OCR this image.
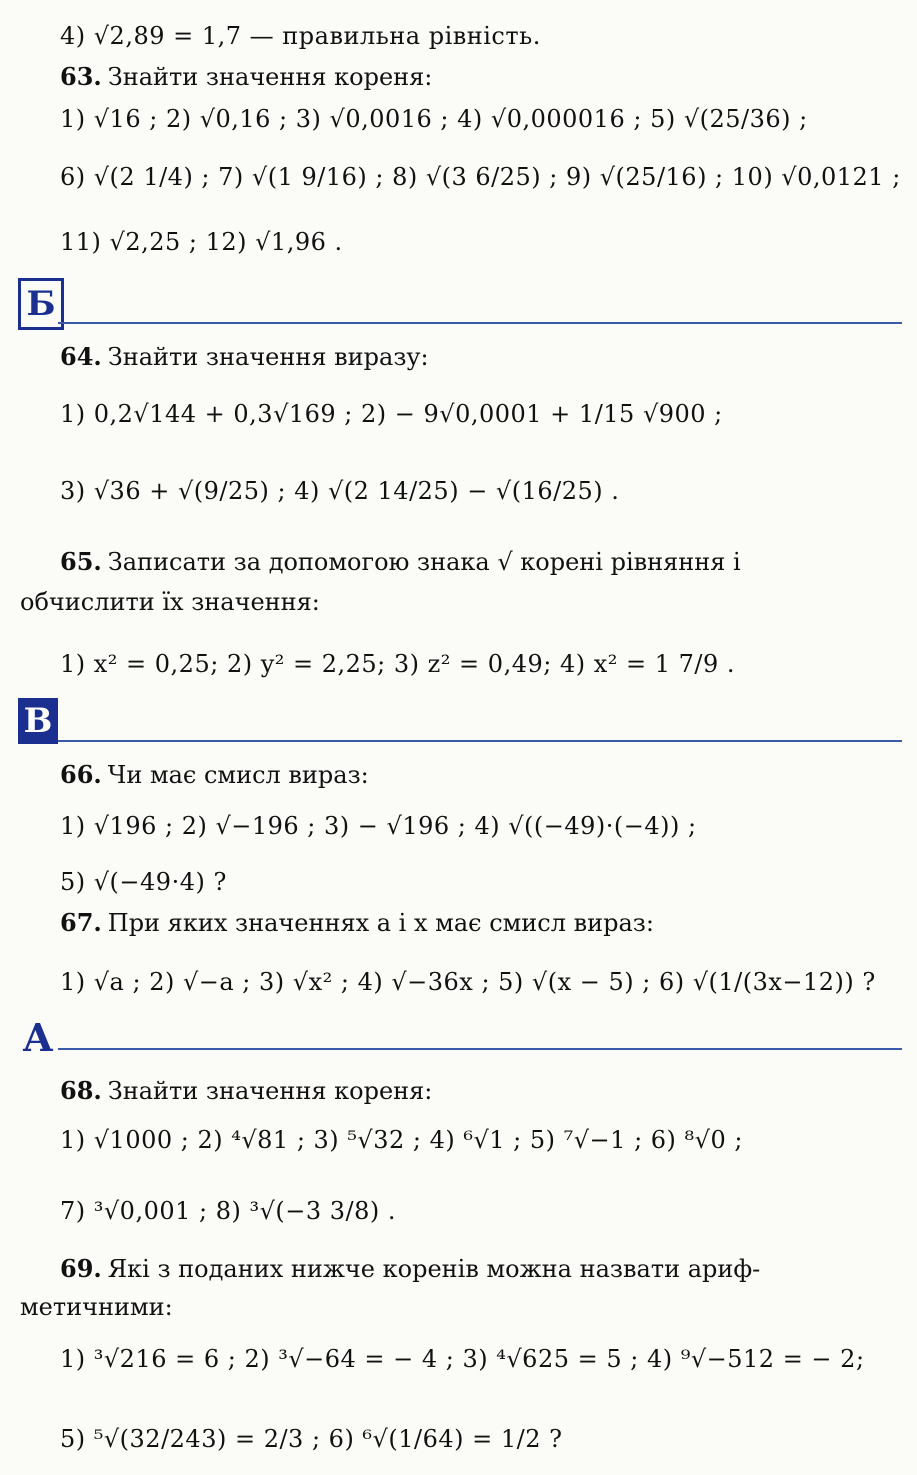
4) √2,89 = 1,7 — правильна рівність.
63. Знайти значення кореня:
1) √16 ; 2) √0,16 ; 3) √0,0016 ; 4) √0,000016 ; 5) √(25/36) ;
6) √(2 1/4) ; 7) √(1 9/16) ; 8) √(3 6/25) ; 9) √(25/16) ; 10) √0,0121 ;
11) √2,25 ; 12) √1,96 .
Б
64. Знайти значення виразу:
1) 0,2√144 + 0,3√169 ; 2) − 9√0,0001 + 1/15 √900 ;
3) √36 + √(9/25) ; 4) √(2 14/25) − √(16/25) .
65. Записати за допомогою знака √ корені рівняння і
обчислити їх значення:
1) x² = 0,25; 2) y² = 2,25; 3) z² = 0,49; 4) x² = 1 7/9 .
В
66. Чи має смисл вираз:
1) √196 ; 2) √−196 ; 3) − √196 ; 4) √((−49)·(−4)) ;
5) √(−49·4) ?
67. При яких значеннях a і x має смисл вираз:
1) √a ; 2) √−a ; 3) √x² ; 4) √−36x ; 5) √(x − 5) ; 6) √(1/(3x−12)) ?
А
68. Знайти значення кореня:
1) √1000 ; 2) ⁴√81 ; 3) ⁵√32 ; 4) ⁶√1 ; 5) ⁷√−1 ; 6) ⁸√0 ;
7) ³√0,001 ; 8) ³√(−3 3/8) .
69. Які з поданих нижче коренів можна назвати ариф-
метичними:
1) ³√216 = 6 ; 2) ³√−64 = − 4 ; 3) ⁴√625 = 5 ; 4) ⁹√−512 = − 2;
5) ⁵√(32/243) = 2/3 ; 6) ⁶√(1/64) = 1/2 ?
